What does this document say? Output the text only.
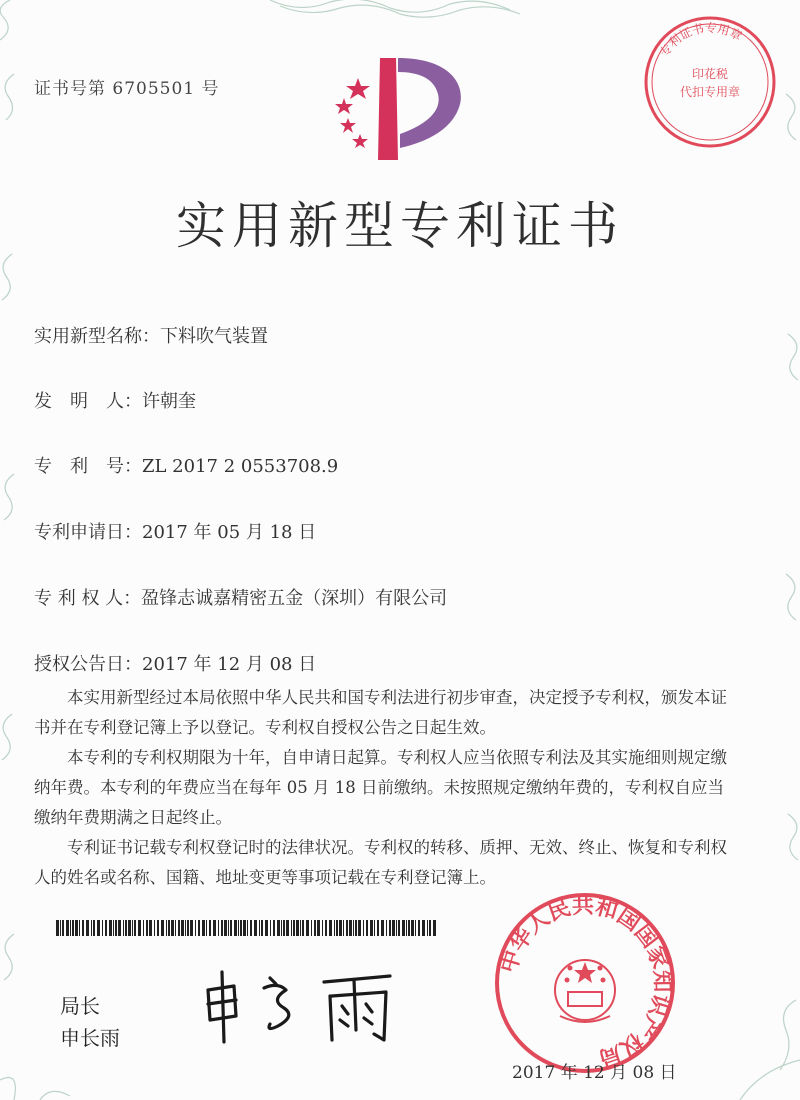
证书号第 6705501 号
实用新型专利证书
实用新型名称：下料吹气装置
发　明　人：许朝奎
专　利　号：ZL 2017 2 0553708.9
专利申请日：2017 年 05 月 18 日
专 利 权 人：盈锋志诚嘉精密五金（深圳）有限公司
授权公告日：2017 年 12 月 08 日

本实用新型经过本局依照中华人民共和国专利法进行初步审查，决定授予专利权，颁发本证书并在专利登记簿上予以登记。专利权自授权公告之日起生效。

本专利的专利权期限为十年，自申请日起算。专利权人应当依照专利法及其实施细则规定缴纳年费。本专利的年费应当在每年 05 月 18 日前缴纳。未按照规定缴纳年费的，专利权自应当缴纳年费期满之日起终止。

专利证书记载专利权登记时的法律状况。专利权的转移、质押、无效、终止、恢复和专利权人的姓名或名称、国籍、地址变更等事项记载在专利登记簿上。

局长
申长雨
专利证书专用章
印花税
代扣专用章
中华人民共和国国家知识产权局
2017 年 12 月 08 日
